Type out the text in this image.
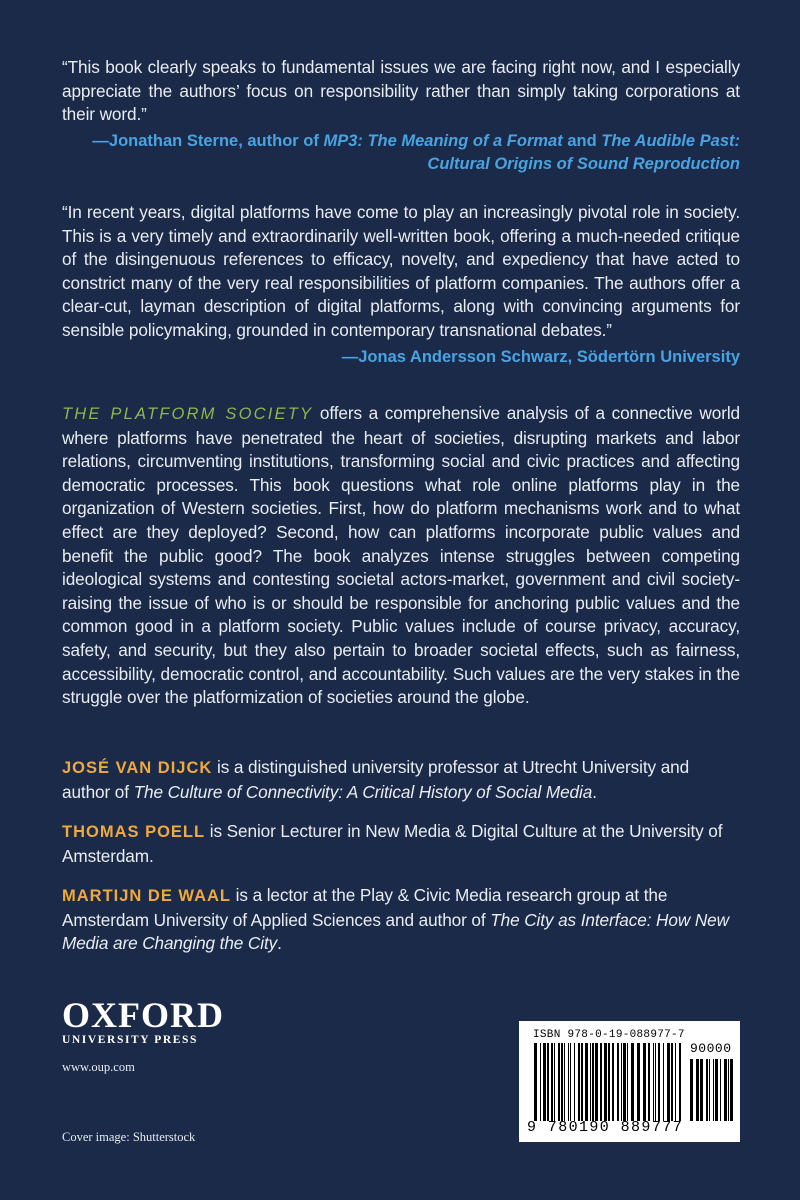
“This book clearly speaks to fundamental issues we are facing right now, and I especially appreciate the authors’ focus on responsibility rather than simply taking corporations at their word.”

—Jonathan Sterne, author of MP3: The Meaning of a Format and The Audible Past: Cultural Origins of Sound Reproduction

“In recent years, digital platforms have come to play an increasingly pivotal role in society. This is a very timely and extraordinarily well-written book, offering a much-needed critique of the disingenuous references to efficacy, novelty, and expediency that have acted to constrict many of the very real responsibilities of platform companies. The authors offer a clear-cut, layman description of digital platforms, along with convincing arguments for sensible policymaking, grounded in contemporary transnational debates.”

—Jonas Andersson Schwarz, Södertörn University

THE PLATFORM SOCIETY offers a comprehensive analysis of a connective world where platforms have penetrated the heart of societies, disrupting markets and labor relations, circumventing institutions, transforming social and civic practices and affecting democratic processes. This book questions what role online platforms play in the organization of Western societies. First, how do platform mechanisms work and to what effect are they deployed? Second, how can platforms incorporate public values and benefit the public good? The book analyzes intense struggles between competing ideological systems and contesting societal actors-market, government and civil society-raising the issue of who is or should be responsible for anchoring public values and the common good in a platform society. Public values include of course privacy, accuracy, safety, and security, but they also pertain to broader societal effects, such as fairness, accessibility, democratic control, and accountability. Such values are the very stakes in the struggle over the platformization of societies around the globe.

JOSÉ VAN DIJCK is a distinguished university professor at Utrecht University and author of The Culture of Connectivity: A Critical History of Social Media.

THOMAS POELL is Senior Lecturer in New Media & Digital Culture at the University of Amsterdam.

MARTIJN DE WAAL is a lector at the Play & Civic Media research group at the Amsterdam University of Applied Sciences and author of The City as Interface: How New Media are Changing the City.

OXFORD
UNIVERSITY PRESS
www.oup.com
Cover image: Shutterstock
ISBN 978-0-19-088977-7
90000
9 780190 889777
